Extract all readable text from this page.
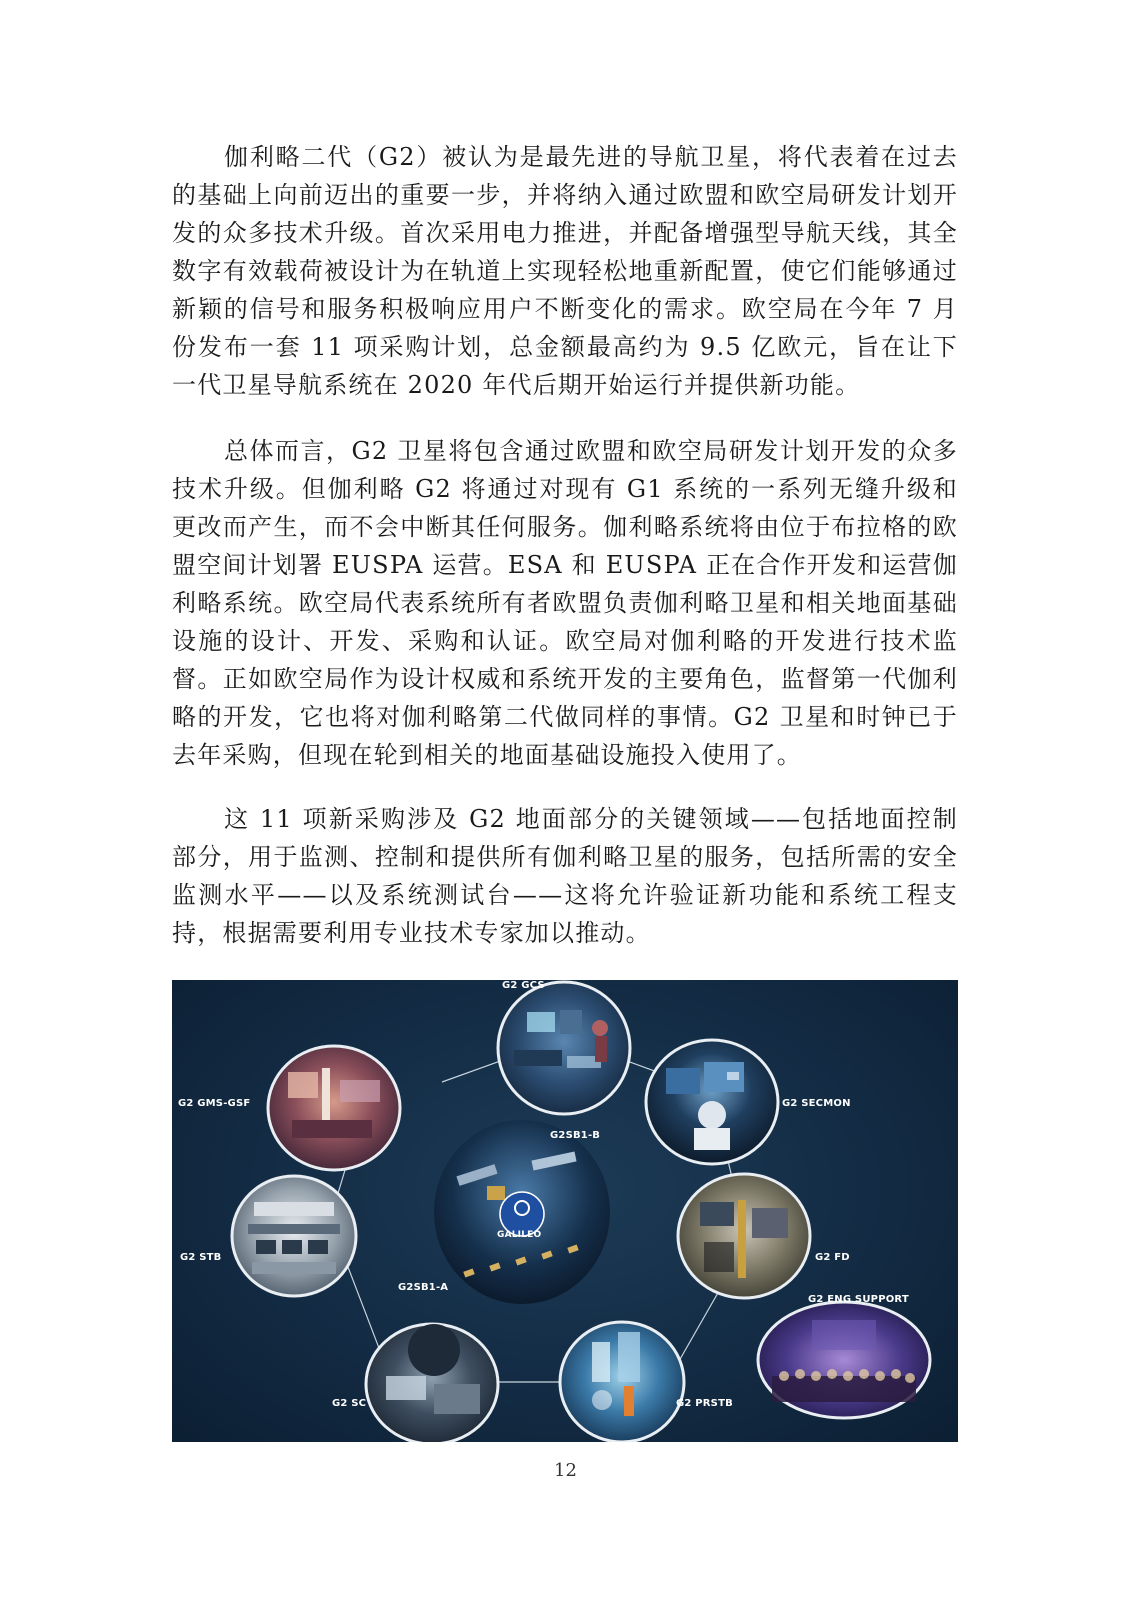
伽利略二代（G2）被认为是最先进的导航卫星，将代表着在过去的基础上向前迈出的重要一步，并将纳入通过欧盟和欧空局研发计划开发的众多技术升级。首次采用电力推进，并配备增强型导航天线，其全数字有效载荷被设计为在轨道上实现轻松地重新配置，使它们能够通过新颖的信号和服务积极响应用户不断变化的需求。欧空局在今年 7 月份发布一套 11 项采购计划，总金额最高约为 9.5 亿欧元，旨在让下一代卫星导航系统在 2020 年代后期开始运行并提供新功能。

总体而言，G2 卫星将包含通过欧盟和欧空局研发计划开发的众多技术升级。但伽利略 G2 将通过对现有 G1 系统的一系列无缝升级和更改而产生，而不会中断其任何服务。伽利略系统将由位于布拉格的欧盟空间计划署 EUSPA 运营。ESA 和 EUSPA 正在合作开发和运营伽利略系统。欧空局代表系统所有者欧盟负责伽利略卫星和相关地面基础设施的设计、开发、采购和认证。欧空局对伽利略的开发进行技术监督。正如欧空局作为设计权威和系统开发的主要角色，监督第一代伽利略的开发，它也将对伽利略第二代做同样的事情。G2 卫星和时钟已于去年采购，但现在轮到相关的地面基础设施投入使用了。

这 11 项新采购涉及 G2 地面部分的关键领域——包括地面控制部分，用于监测、控制和提供所有伽利略卫星的服务，包括所需的安全监测水平——以及系统测试台——这将允许验证新功能和系统工程支持，根据需要利用专业技术专家加以推动。

G2 GCS
G2 GMS-GSF	G2 SECMON
G2SB1-B
G2 STB	G2 FD
G2 ENG SUPPORT
G2SB1-A
G2 SC	G2 PRSTB
GALILEO
12
